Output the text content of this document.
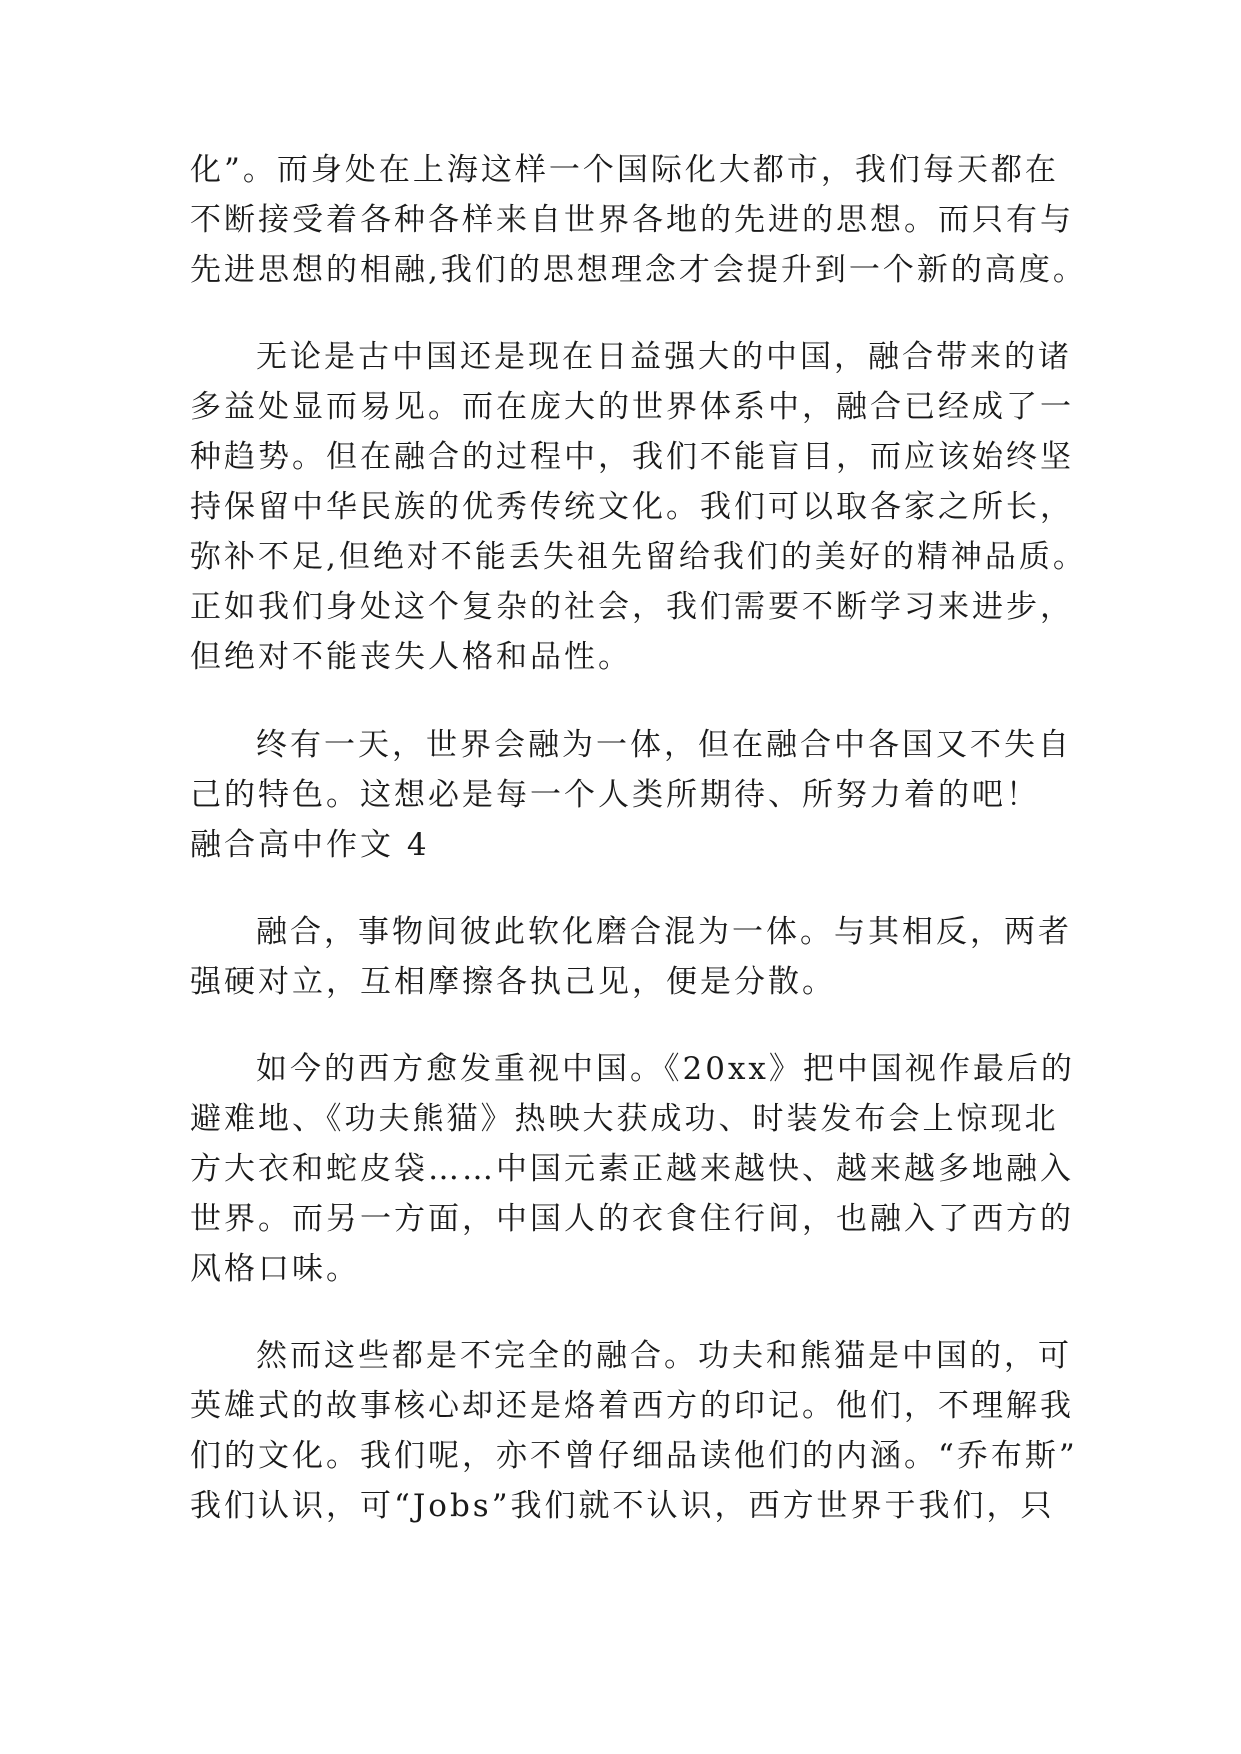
化”。而身处在上海这样一个国际化大都市，我们每天都在
不断接受着各种各样来自世界各地的先进的思想。而只有与
先进思想的相融,我们的思想理念才会提升到一个新的高度。
无论是古中国还是现在日益强大的中国，融合带来的诸
多益处显而易见。而在庞大的世界体系中，融合已经成了一
种趋势。但在融合的过程中，我们不能盲目，而应该始终坚
持保留中华民族的优秀传统文化。我们可以取各家之所长，
弥补不足,但绝对不能丢失祖先留给我们的美好的精神品质。
正如我们身处这个复杂的社会，我们需要不断学习来进步，
但绝对不能丧失人格和品性。
终有一天，世界会融为一体，但在融合中各国又不失自
己的特色。这想必是每一个人类所期待、所努力着的吧！
融合高中作文 4
融合，事物间彼此软化磨合混为一体。与其相反，两者
强硬对立，互相摩擦各执己见，便是分散。
如今的西方愈发重视中国。《20xx》把中国视作最后的
避难地、《功夫熊猫》热映大获成功、时装发布会上惊现北
方大衣和蛇皮袋……中国元素正越来越快、越来越多地融入
世界。而另一方面，中国人的衣食住行间，也融入了西方的
风格口味。
然而这些都是不完全的融合。功夫和熊猫是中国的，可
英雄式的故事核心却还是烙着西方的印记。他们，不理解我
们的文化。我们呢，亦不曾仔细品读他们的内涵。“乔布斯”
我们认识，可“Jobs”我们就不认识，西方世界于我们，只
